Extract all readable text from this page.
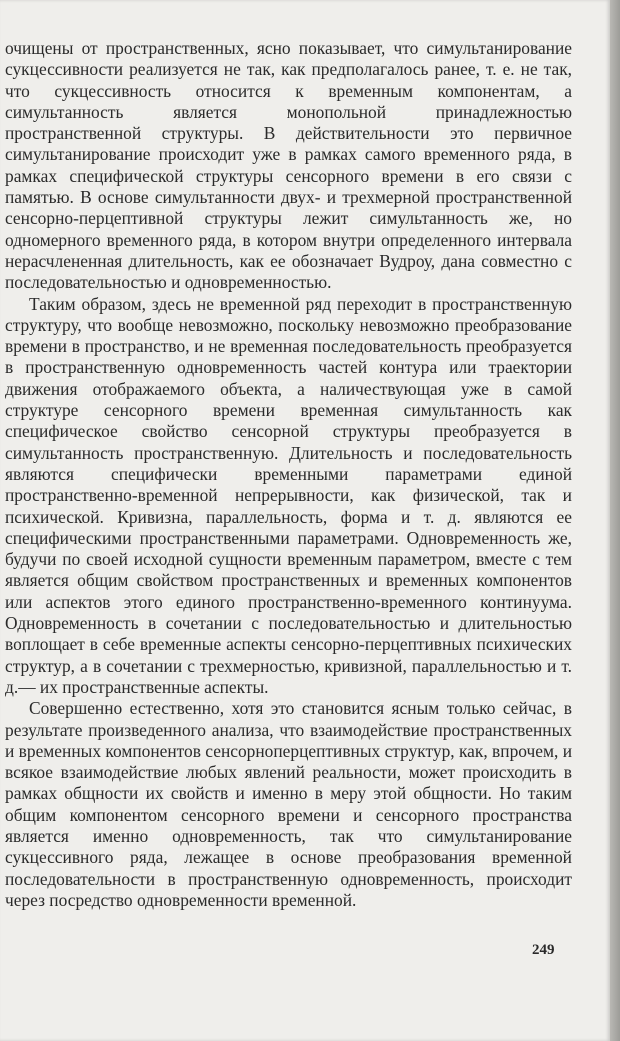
очищены от пространственных, ясно показывает, что симультанирование сукцессивности реализуется не так, как предполагалось ранее, т. е. не так, что сукцессивность относится к временным компонентам, а симультанность является монопольной принадлежностью пространственной структуры. В действительности это первичное симультанирование происходит уже в рамках самого временного ряда, в рамках специфической структуры сенсорного времени в его связи с памятью. В основе симультанности двух- и трехмерной пространственной сенсорно-перцептивной структуры лежит симультанность же, но одномерного временного ряда, в котором внутри определенного интервала нерасчлененная длительность, как ее обозначает Вудроу, дана совместно с последовательностью и одновременностью.

Таким образом, здесь не временной ряд переходит в пространственную структуру, что вообще невозможно, поскольку невозможно преобразование времени в пространство, и не временная последовательность преобразуется в пространственную одновременность частей контура или траектории движения отображаемого объекта, а наличествующая уже в самой структуре сенсорного времени временная симультанность как специфическое свойство сенсорной структуры преобразуется в симультанность пространственную. Длительность и последовательность являются специфически временными параметрами единой пространственно-временной непрерывности, как физической, так и психической. Кривизна, параллельность, форма и т. д. являются ее специфическими пространственными параметрами. Одновременность же, будучи по своей исходной сущности временным параметром, вместе с тем является общим свойством пространственных и временных компонентов или аспектов этого единого пространственно-временного континуума. Одновременность в сочетании с последовательностью и длительностью воплощает в себе временные аспекты сенсорно-перцептивных психических структур, а в сочетании с трехмерностью, кривизной, параллельностью и т. д.— их пространственные аспекты.

Совершенно естественно, хотя это становится ясным только сейчас, в результате произведенного анализа, что взаимодействие пространственных и временных компонентов сенсорноперцептивных структур, как, впрочем, и всякое взаимодействие любых явлений реальности, может происходить в рамках общности их свойств и именно в меру этой общности. Но таким общим компонентом сенсорного времени и сенсорного пространства является именно одновременность, так что симультанирование сукцессивного ряда, лежащее в основе преобразования временной последовательности в пространственную одновременность, происходит через посредство одновременности временной.

249
